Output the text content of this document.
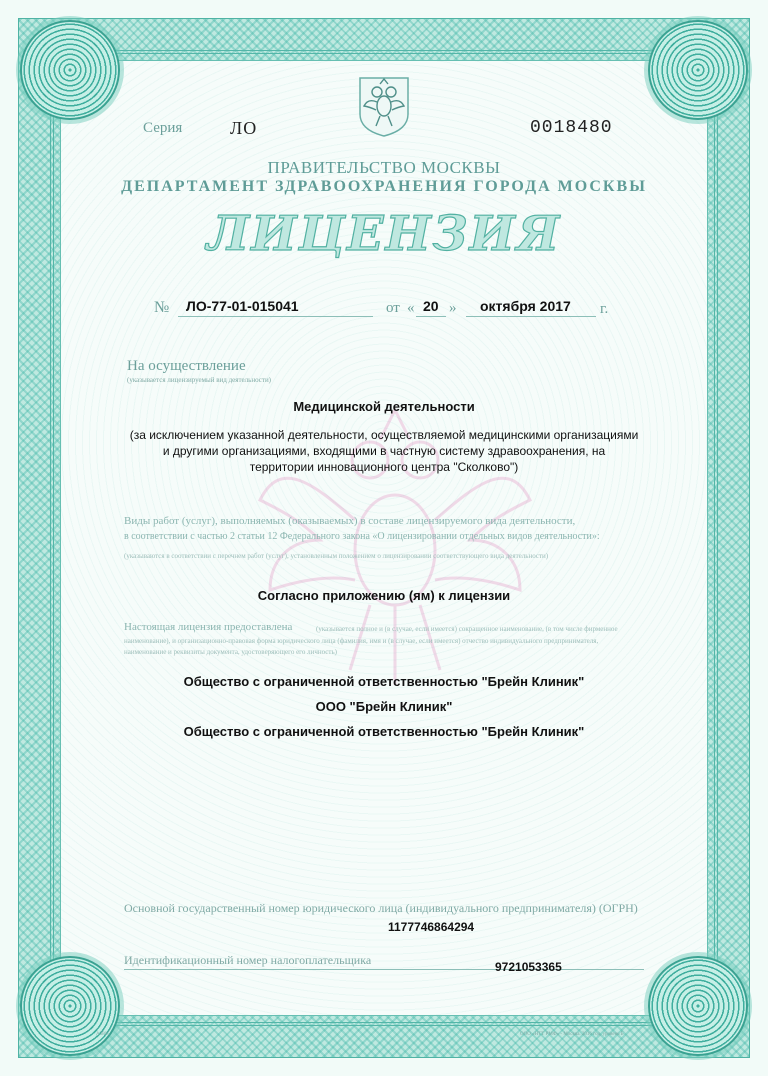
Серия	ЛО	0018480
ПРАВИТЕЛЬСТВО МОСКВЫ
ДЕПАРТАМЕНТ ЗДРАВООХРАНЕНИЯ ГОРОДА МОСКВЫ
ЛИЦЕНЗИЯ
№ ЛО-77-01-015041	от « 20 » октября 2017 г.
На осуществление
(указывается лицензируемый вид деятельности)
Медицинской деятельности
(за исключением указанной деятельности, осуществляемой медицинскими организациями
и другими организациями, входящими в частную систему здравоохранения, на
территории инновационного центра "Сколково")
Виды работ (услуг), выполняемых (оказываемых) в составе лицензируемого вида деятельности,
в соответствии с частью 2 статьи 12 Федерального закона «О лицензировании отдельных видов деятельности»:
(указываются в соответствии с перечнем работ (услуг), установленным положением о лицензировании соответствующего вида деятельности)
Согласно приложению (ям) к лицензии
Настоящая лицензия предоставлена	(указывается полное и (в случае, если имеется) сокращенное наименование, (в том числе фирменное
наименование), и организационно-правовая форма юридического лица (фамилия, имя и (в случае, если имеется) отчество индивидуального предпринимателя,
наименование и реквизиты документа, удостоверяющего его личность)
Общество с ограниченной ответственностью "Брейн Клиник"
ООО "Брейн Клиник"
Общество с ограниченной ответственностью "Брейн Клиник"
Основной государственный номер юридического лица (индивидуального предпринимателя) (ОГРН)
1177746864294
Идентификационный номер налогоплательщика	9721053365
А3805	ООО «НТТ РМФ» - Москва. 2016 год, уровень Б
